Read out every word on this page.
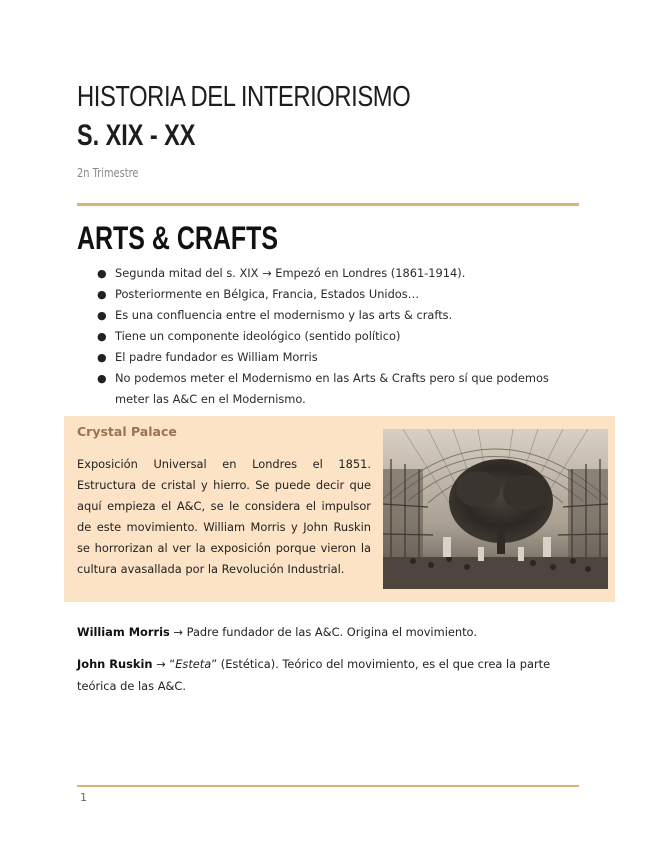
HISTORIA DEL INTERIORISMO
S. XIX - XX
2n Trimestre
ARTS & CRAFTS
● Segunda mitad del s. XIX → Empezó en Londres (1861-1914).
● Posteriormente en Bélgica, Francia, Estados Unidos…
● Es una confluencia entre el modernismo y las arts & crafts.
● Tiene un componente ideológico (sentido político)
● El padre fundador es William Morris
● No podemos meter el Modernismo en las Arts & Crafts pero sí que podemos meter las A&C en el Modernismo.
Crystal Palace
Exposición Universal en Londres el 1851. Estructura de cristal y hierro. Se puede decir que aquí empieza el A&C, se le considera el impulsor de este movimiento. William Morris y John Ruskin se horrorizan al ver la exposición porque vieron la cultura avasallada por la Revolución Industrial.
William Morris → Padre fundador de las A&C. Origina el movimiento.
John Ruskin → “Esteta” (Estética). Teórico del movimiento, es el que crea la parte teórica de las A&C.
1
